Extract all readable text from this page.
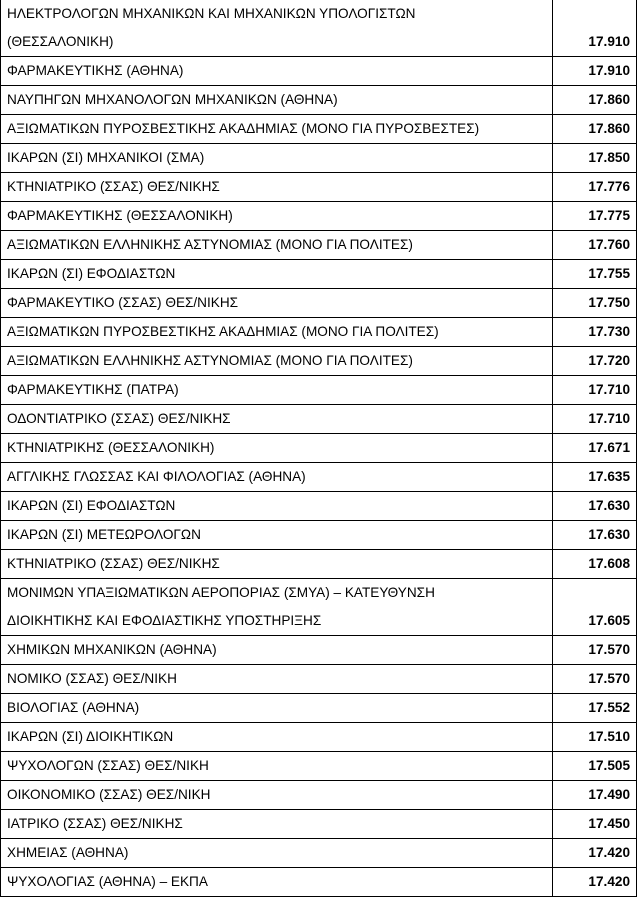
ΗΛΕΚΤΡΟΛΟΓΩΝ ΜΗΧΑΝΙΚΩΝ ΚΑΙ ΜΗΧΑΝΙΚΩΝ ΥΠΟΛΟΓΙΣΤΩΝ
(ΘΕΣΣΑΛΟΝΙΚΗ)	17.910

ΦΑΡΜΑΚΕΥΤΙΚΗΣ (ΑΘΗΝΑ)	17.910

ΝΑΥΠΗΓΩΝ ΜΗΧΑΝΟΛΟΓΩΝ ΜΗΧΑΝΙΚΩΝ (ΑΘΗΝΑ)	17.860

ΑΞΙΩΜΑΤΙΚΩΝ ΠΥΡΟΣΒΕΣΤΙΚΗΣ ΑΚΑΔΗΜΙΑΣ (ΜΟΝΟ ΓΙΑ ΠΥΡΟΣΒΕΣΤΕΣ)	17.860

ΙΚΑΡΩΝ (ΣΙ) ΜΗΧΑΝΙΚΟΙ (ΣΜΑ)	17.850

ΚΤΗΝΙΑΤΡΙΚΟ (ΣΣΑΣ) ΘΕΣ/ΝΙΚΗΣ	17.776

ΦΑΡΜΑΚΕΥΤΙΚΗΣ (ΘΕΣΣΑΛΟΝΙΚΗ)	17.775

ΑΞΙΩΜΑΤΙΚΩΝ ΕΛΛΗΝΙΚΗΣ ΑΣΤΥΝΟΜΙΑΣ (ΜΟΝΟ ΓΙΑ ΠΟΛΙΤΕΣ)	17.760

ΙΚΑΡΩΝ (ΣΙ) ΕΦΟΔΙΑΣΤΩΝ	17.755

ΦΑΡΜΑΚΕΥΤΙΚΟ (ΣΣΑΣ) ΘΕΣ/ΝΙΚΗΣ	17.750

ΑΞΙΩΜΑΤΙΚΩΝ ΠΥΡΟΣΒΕΣΤΙΚΗΣ ΑΚΑΔΗΜΙΑΣ (ΜΟΝΟ ΓΙΑ ΠΟΛΙΤΕΣ)	17.730

ΑΞΙΩΜΑΤΙΚΩΝ ΕΛΛΗΝΙΚΗΣ ΑΣΤΥΝΟΜΙΑΣ (ΜΟΝΟ ΓΙΑ ΠΟΛΙΤΕΣ)	17.720

ΦΑΡΜΑΚΕΥΤΙΚΗΣ (ΠΑΤΡΑ)	17.710

ΟΔΟΝΤΙΑΤΡΙΚΟ (ΣΣΑΣ) ΘΕΣ/ΝΙΚΗΣ	17.710

ΚΤΗΝΙΑΤΡΙΚΗΣ (ΘΕΣΣΑΛΟΝΙΚΗ)	17.671

ΑΓΓΛΙΚΗΣ ΓΛΩΣΣΑΣ ΚΑΙ ΦΙΛΟΛΟΓΙΑΣ (ΑΘΗΝΑ)	17.635

ΙΚΑΡΩΝ (ΣΙ) ΕΦΟΔΙΑΣΤΩΝ	17.630

ΙΚΑΡΩΝ (ΣΙ) ΜΕΤΕΩΡΟΛΟΓΩΝ	17.630

ΚΤΗΝΙΑΤΡΙΚΟ (ΣΣΑΣ) ΘΕΣ/ΝΙΚΗΣ	17.608

ΜΟΝΙΜΩΝ ΥΠΑΞΙΩΜΑΤΙΚΩΝ ΑΕΡΟΠΟΡΙΑΣ (ΣΜΥΑ) – ΚΑΤΕΥΘΥΝΣΗ
ΔΙΟΙΚΗΤΙΚΗΣ ΚΑΙ ΕΦΟΔΙΑΣΤΙΚΗΣ ΥΠΟΣΤΗΡΙΞΗΣ	17.605

ΧΗΜΙΚΩΝ ΜΗΧΑΝΙΚΩΝ (ΑΘΗΝΑ)	17.570

ΝΟΜΙΚΟ (ΣΣΑΣ) ΘΕΣ/ΝΙΚΗ	17.570

ΒΙΟΛΟΓΙΑΣ (ΑΘΗΝΑ)	17.552

ΙΚΑΡΩΝ (ΣΙ) ΔΙΟΙΚΗΤΙΚΩΝ	17.510

ΨΥΧΟΛΟΓΩΝ (ΣΣΑΣ) ΘΕΣ/ΝΙΚΗ	17.505

ΟΙΚΟΝΟΜΙΚΟ (ΣΣΑΣ) ΘΕΣ/ΝΙΚΗ	17.490

ΙΑΤΡΙΚΟ (ΣΣΑΣ) ΘΕΣ/ΝΙΚΗΣ	17.450

ΧΗΜΕΙΑΣ (ΑΘΗΝΑ)	17.420

ΨΥΧΟΛΟΓΙΑΣ (ΑΘΗΝΑ) – ΕΚΠΑ	17.420
